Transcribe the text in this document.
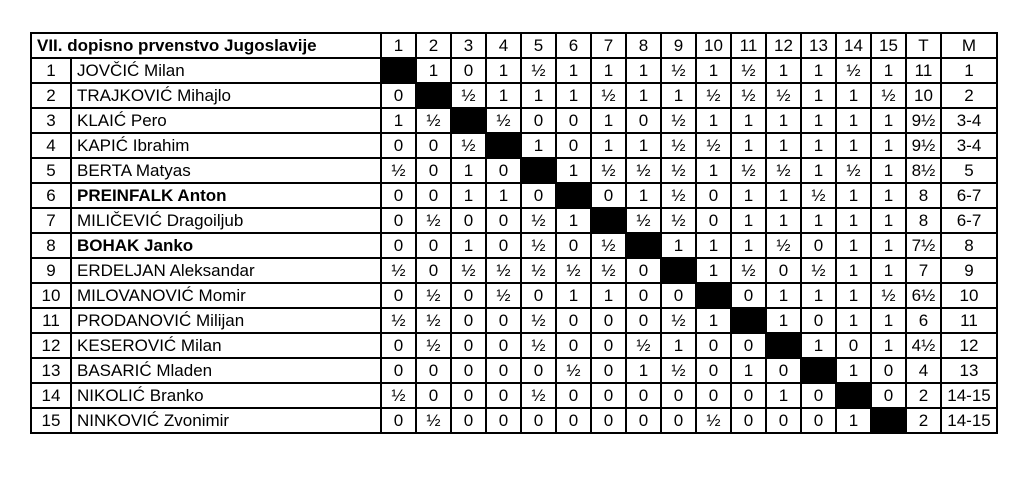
VII. dopisno prvenstvo Jugoslavije		1	2	3	4	5	6	7	8	9	10	11	12	13	14	15	T	M
1	JOVČIĆ Milan		1	0	1	½	1	1	1	½	1	½	1	1	½	1	11	1
2	TRAJKOVIĆ Mihajlo	0		½	1	1	1	½	1	1	½	½	½	1	1	½	10	2
3	KLAIĆ Pero	1	½		½	0	0	1	0	½	1	1	1	1	1	1	9½	3-4
4	KAPIĆ Ibrahim	0	0	½		1	0	1	1	½	½	1	1	1	1	1	9½	3-4
5	BERTA Matyas	½	0	1	0		1	½	½	½	1	½	½	1	½	1	8½	5
6	PREINFALK Anton	0	0	1	1	0		0	1	½	0	1	1	½	1	1	8	6-7
7	MILIČEVIĆ Dragoiljub	0	½	0	0	½	1		½	½	0	1	1	1	1	1	8	6-7
8	BOHAK Janko	0	0	1	0	½	0	½		1	1	1	½	0	1	1	7½	8
9	ERDELJAN Aleksandar	½	0	½	½	½	½	½	0		1	½	0	½	1	1	7	9
10	MILOVANOVIĆ Momir	0	½	0	½	0	1	1	0	0		0	1	1	1	½	6½	10
11	PRODANOVIĆ Milijan	½	½	0	0	½	0	0	0	½	1		1	0	1	1	6	11
12	KESEROVIĆ Milan	0	½	0	0	½	0	0	½	1	0	0		1	0	1	4½	12
13	BASARIĆ Mladen	0	0	0	0	0	½	0	1	½	0	1	0		1	0	4	13
14	NIKOLIĆ Branko	½	0	0	0	½	0	0	0	0	0	0	1	0		0	2	14-15
15	NINKOVIĆ Zvonimir	0	½	0	0	0	0	0	0	0	½	0	0	0	1		2	14-15
